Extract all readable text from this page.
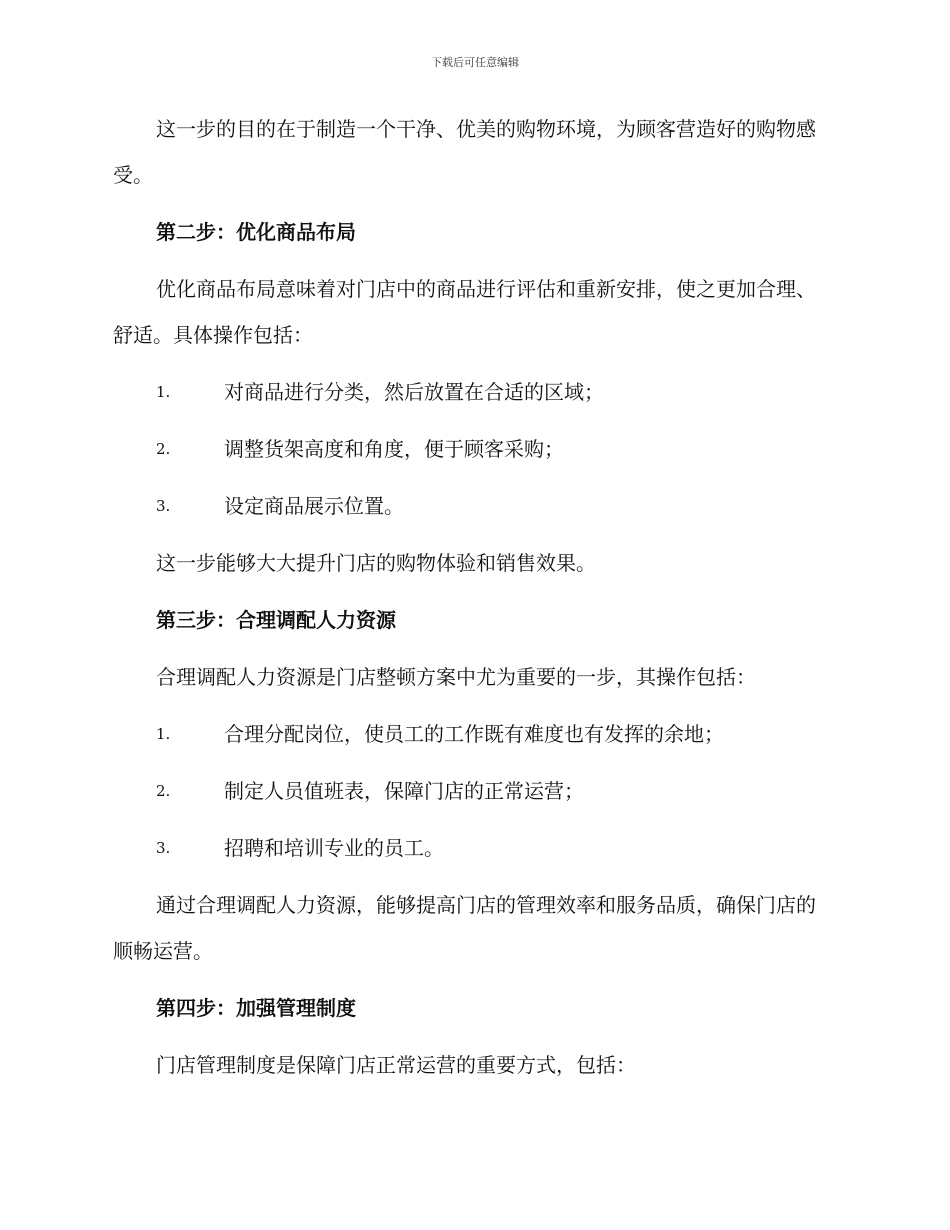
下载后可任意编辑

这一步的目的在于制造一个干净、优美的购物环境，为顾客营造好的购物感受。

第二步：优化商品布局

优化商品布局意味着对门店中的商品进行评估和重新安排，使之更加合理、舒适。具体操作包括：

1.	对商品进行分类，然后放置在合适的区域；
2.	调整货架高度和角度，便于顾客采购；
3.	设定商品展示位置。

这一步能够大大提升门店的购物体验和销售效果。

第三步：合理调配人力资源

合理调配人力资源是门店整顿方案中尤为重要的一步，其操作包括：

1.	合理分配岗位，使员工的工作既有难度也有发挥的余地；
2.	制定人员值班表，保障门店的正常运营；
3.	招聘和培训专业的员工。

通过合理调配人力资源，能够提高门店的管理效率和服务品质，确保门店的顺畅运营。

第四步：加强管理制度

门店管理制度是保障门店正常运营的重要方式，包括：
